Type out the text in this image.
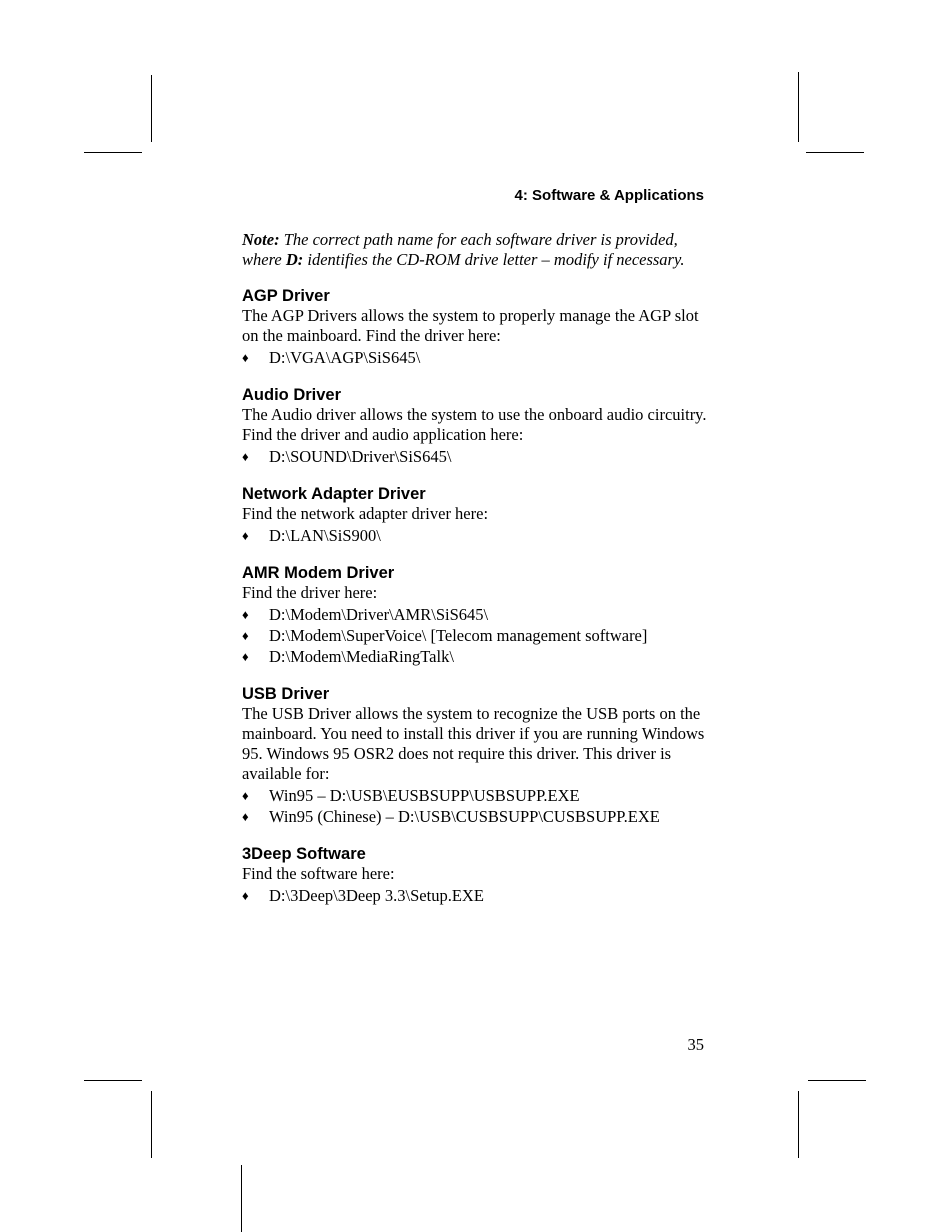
4: Software & Applications

Note: The correct path name for each software driver is provided, where D: identifies the CD-ROM drive letter – modify if necessary.

AGP Driver

The AGP Drivers allows the system to properly manage the AGP slot on the mainboard. Find the driver here:

♦ D:\VGA\AGP\SiS645\
Audio Driver

The Audio driver allows the system to use the onboard audio circuitry. Find the driver and audio application here:

♦ D:\SOUND\Driver\SiS645\
Network Adapter Driver

Find the network adapter driver here:

♦ D:\LAN\SiS900\
AMR Modem Driver

Find the driver here:

♦ D:\Modem\Driver\AMR\SiS645\
♦ D:\Modem\SuperVoice\ [Telecom management software]
♦ D:\Modem\MediaRingTalk\
USB Driver

The USB Driver allows the system to recognize the USB ports on the mainboard. You need to install this driver if you are running Windows 95. Windows 95 OSR2 does not require this driver. This driver is available for:

♦ Win95 – D:\USB\EUSBSUPP\USBSUPP.EXE
♦ Win95 (Chinese) – D:\USB\CUSBSUPP\CUSBSUPP.EXE
3Deep Software

Find the software here:

♦ D:\3Deep\3Deep 3.3\Setup.EXE
35
